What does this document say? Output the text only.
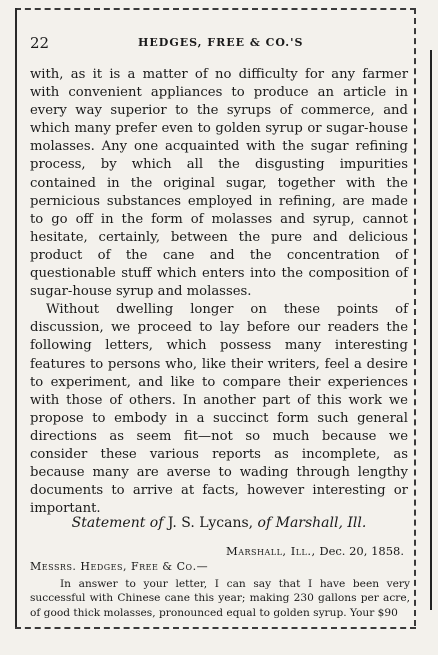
22	HEDGES, FREE & CO.'S

with, as it is a matter of no difficulty for any farmer with convenient appliances to produce an article in every way superior to the syrups of commerce, and which many prefer even to golden syrup or sugar-house molasses. Any one acquainted with the sugar refining process, by which all the disgusting impurities contained in the original sugar, together with the pernicious substances employed in refining, are made to go off in the form of molasses and syrup, cannot hesitate, certainly, between the pure and delicious product of the cane and the concentration of questionable stuff which enters into the composition of sugar-house syrup and molasses.

Without dwelling longer on these points of discussion, we proceed to lay before our readers the following letters, which possess many interesting features to persons who, like their writers, feel a desire to experiment, and like to compare their experiences with those of others. In another part of this work we propose to embody in a succinct form such general directions as seem fit—not so much because we consider these various reports as incomplete, as because many are averse to wading through lengthy documents to arrive at facts, however interesting or important.

Statement of J. S. Lycans, of Marshall, Ill.
Marshall, Ill., Dec. 20, 1858.

Messrs. Hedges, Free & Co.—

In answer to your letter, I can say that I have been very successful with Chinese cane this year; making 230 gallons per acre, of good thick molasses, pronounced equal to golden syrup. Your $90
